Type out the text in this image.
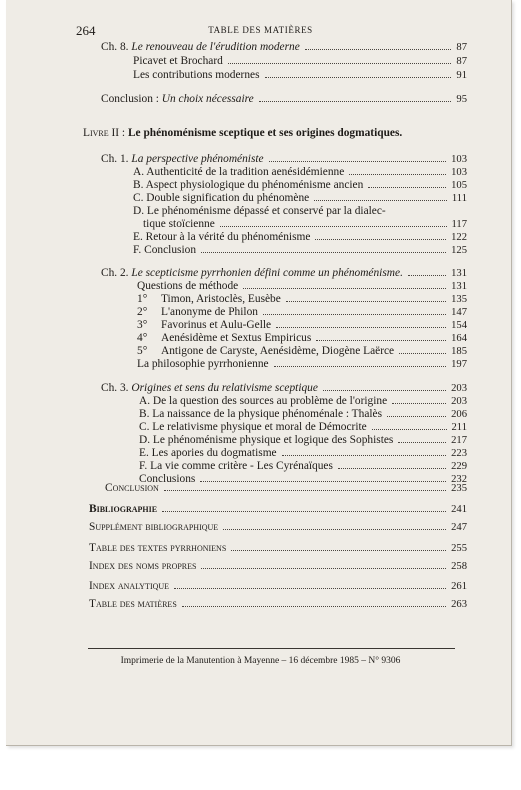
264	TABLE DES MATIÈRES
Ch. 8. Le renouveau de l'érudition moderne	87
Picavet et Brochard	87
Les contributions modernes	91
Conclusion : Un choix nécessaire	95
Livre II : Le phénoménisme sceptique et ses origines dogmatiques.
Ch. 1. La perspective phénoméniste	103
A. Authenticité de la tradition aenésidémienne	103
B. Aspect physiologique du phénoménisme ancien	105
C. Double signification du phénomène	111
D. Le phénoménisme dépassé et conservé par la dialec-
tique stoïcienne	117
E. Retour à la vérité du phénoménisme	122
F. Conclusion	125
Ch. 2. Le scepticisme pyrrhonien défini comme un phénoménisme.	131
Questions de méthode	131
1° Timon, Aristoclès, Eusèbe	135
2° L'anonyme de Philon	147
3° Favorinus et Aulu-Gelle	154
4° Aenésidème et Sextus Empiricus	164
5° Antigone de Caryste, Aenésidème, Diogène Laërce	185
La philosophie pyrrhonienne	197
Ch. 3. Origines et sens du relativisme sceptique	203
A. De la question des sources au problème de l'origine	203
B. La naissance de la physique phénoménale : Thalès	206
C. Le relativisme physique et moral de Démocrite	211
D. Le phénoménisme physique et logique des Sophistes	217
E. Les apories du dogmatisme	223
F. La vie comme critère - Les Cyrénaïques	229
Conclusions	232
Conclusion	235
Bibliographie	241
Supplément bibliographique	247
Table des textes pyrrhoniens	255
Index des noms propres	258
Index analytique	261
Table des matières	263
Imprimerie de la Manutention à Mayenne – 16 décembre 1985 – N° 9306
